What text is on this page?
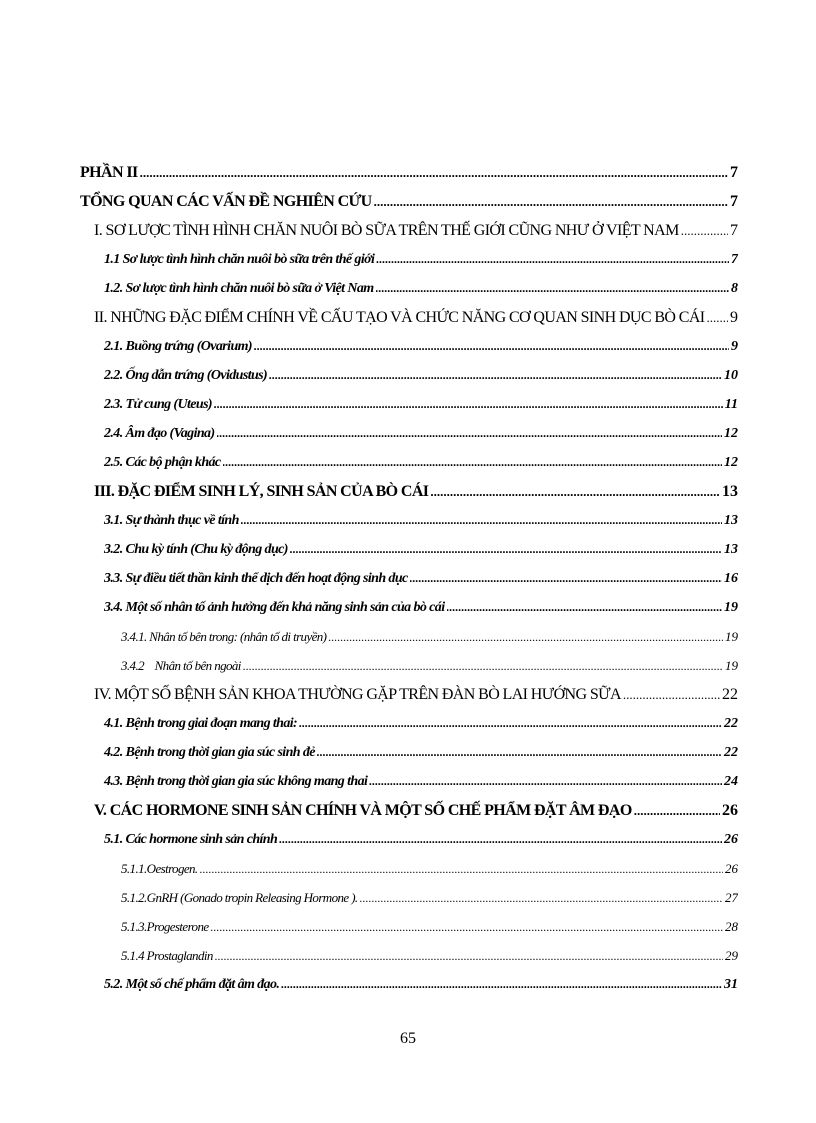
PHẦN II .....	7
TỔNG QUAN CÁC VẤN ĐỀ NGHIÊN CỨU .....	7
I. SƠ LƯỢC TÌNH HÌNH CHĂN NUÔI BÒ SỮA TRÊN THẾ GIỚI CŨNG NHƯ Ở VIỆT NAM .....	7
1.1 Sơ lược tình hình chăn nuôi bò sữa trên thế giới .....	7
1.2. Sơ lược tình hình chăn nuôi bò sữa ở Việt Nam .....	8
II. NHỮNG ĐẶC ĐIỂM CHÍNH VỀ CẤU TẠO VÀ CHỨC NĂNG CƠ QUAN SINH DỤC BÒ CÁI ..... 9
2.1. Buồng trứng (Ovarium) .....	9
2.2. Ống dẫn trứng (Ovidustus) .....	10
2.3. Tử cung (Uteus) .....	11
2.4. Âm đạo (Vagina) .....	12
2.5. Các bộ phận khác .....	12
III. ĐẶC ĐIỂM SINH LÝ, SINH SẢN CỦA BÒ CÁI .....	13
3.1. Sự thành thục về tính .....	13
3.2. Chu kỳ tính (Chu kỳ động dục) .....	13
3.3. Sự điều tiết thần kinh thể dịch đến hoạt động sinh dục .....	16
3.4. Một số nhân tố ảnh hưởng đến khả năng sinh sản của bò cái .....	19
3.4.1. Nhân tố bên trong: (nhân tố di truyền) .....	19
3.4.2    Nhân tố bên ngoài .....	19
IV. MỘT SỐ BỆNH SẢN KHOA THƯỜNG GẶP TRÊN ĐÀN BÒ LAI HƯỚNG SỮA .....	22
4.1. Bệnh trong giai đoạn mang thai: .....	22
4.2. Bệnh trong thời gian gia súc sinh đẻ .....	22
4.3. Bệnh trong thời gian gia súc không mang thai .....	24
V. CÁC HORMONE SINH SẢN CHÍNH VÀ MỘT SỐ CHẾ PHẨM ĐẶT ÂM ĐẠO .....	26
5.1. Các hormone sinh sản chính .....	26
5.1.1.Oestrogen. .....	26
5.1.2.GnRH (Gonado tropin Releasing Hormone ). .....	27
5.1.3.Progesterone .....	28
5.1.4 Prostaglandin .....	29
5.2. Một số chế phẩm đặt âm đạo. .....	31
65
